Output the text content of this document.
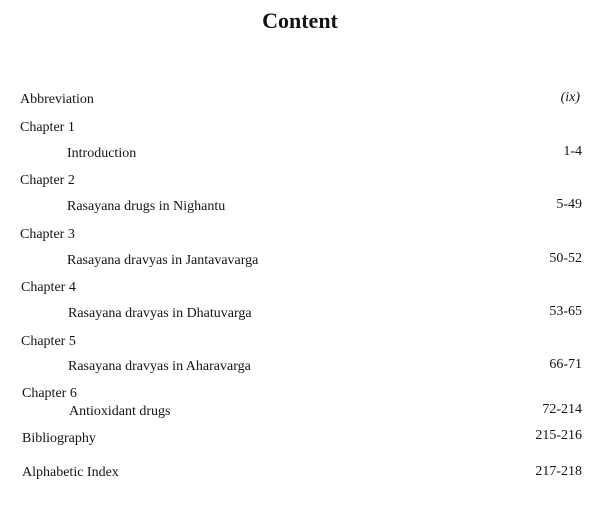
Content
Abbreviation	(ix)
Chapter 1
Introduction	1-4
Chapter 2
Rasayana drugs in Nighantu	5-49
Chapter 3
Rasayana dravyas in Jantavavarga	50-52
Chapter 4
Rasayana dravyas in Dhatuvarga	53-65
Chapter 5
Rasayana dravyas in Aharavarga	66-71
Chapter 6
Antioxidant drugs	72-214
Bibliography	215-216
Alphabetic Index	217-218
